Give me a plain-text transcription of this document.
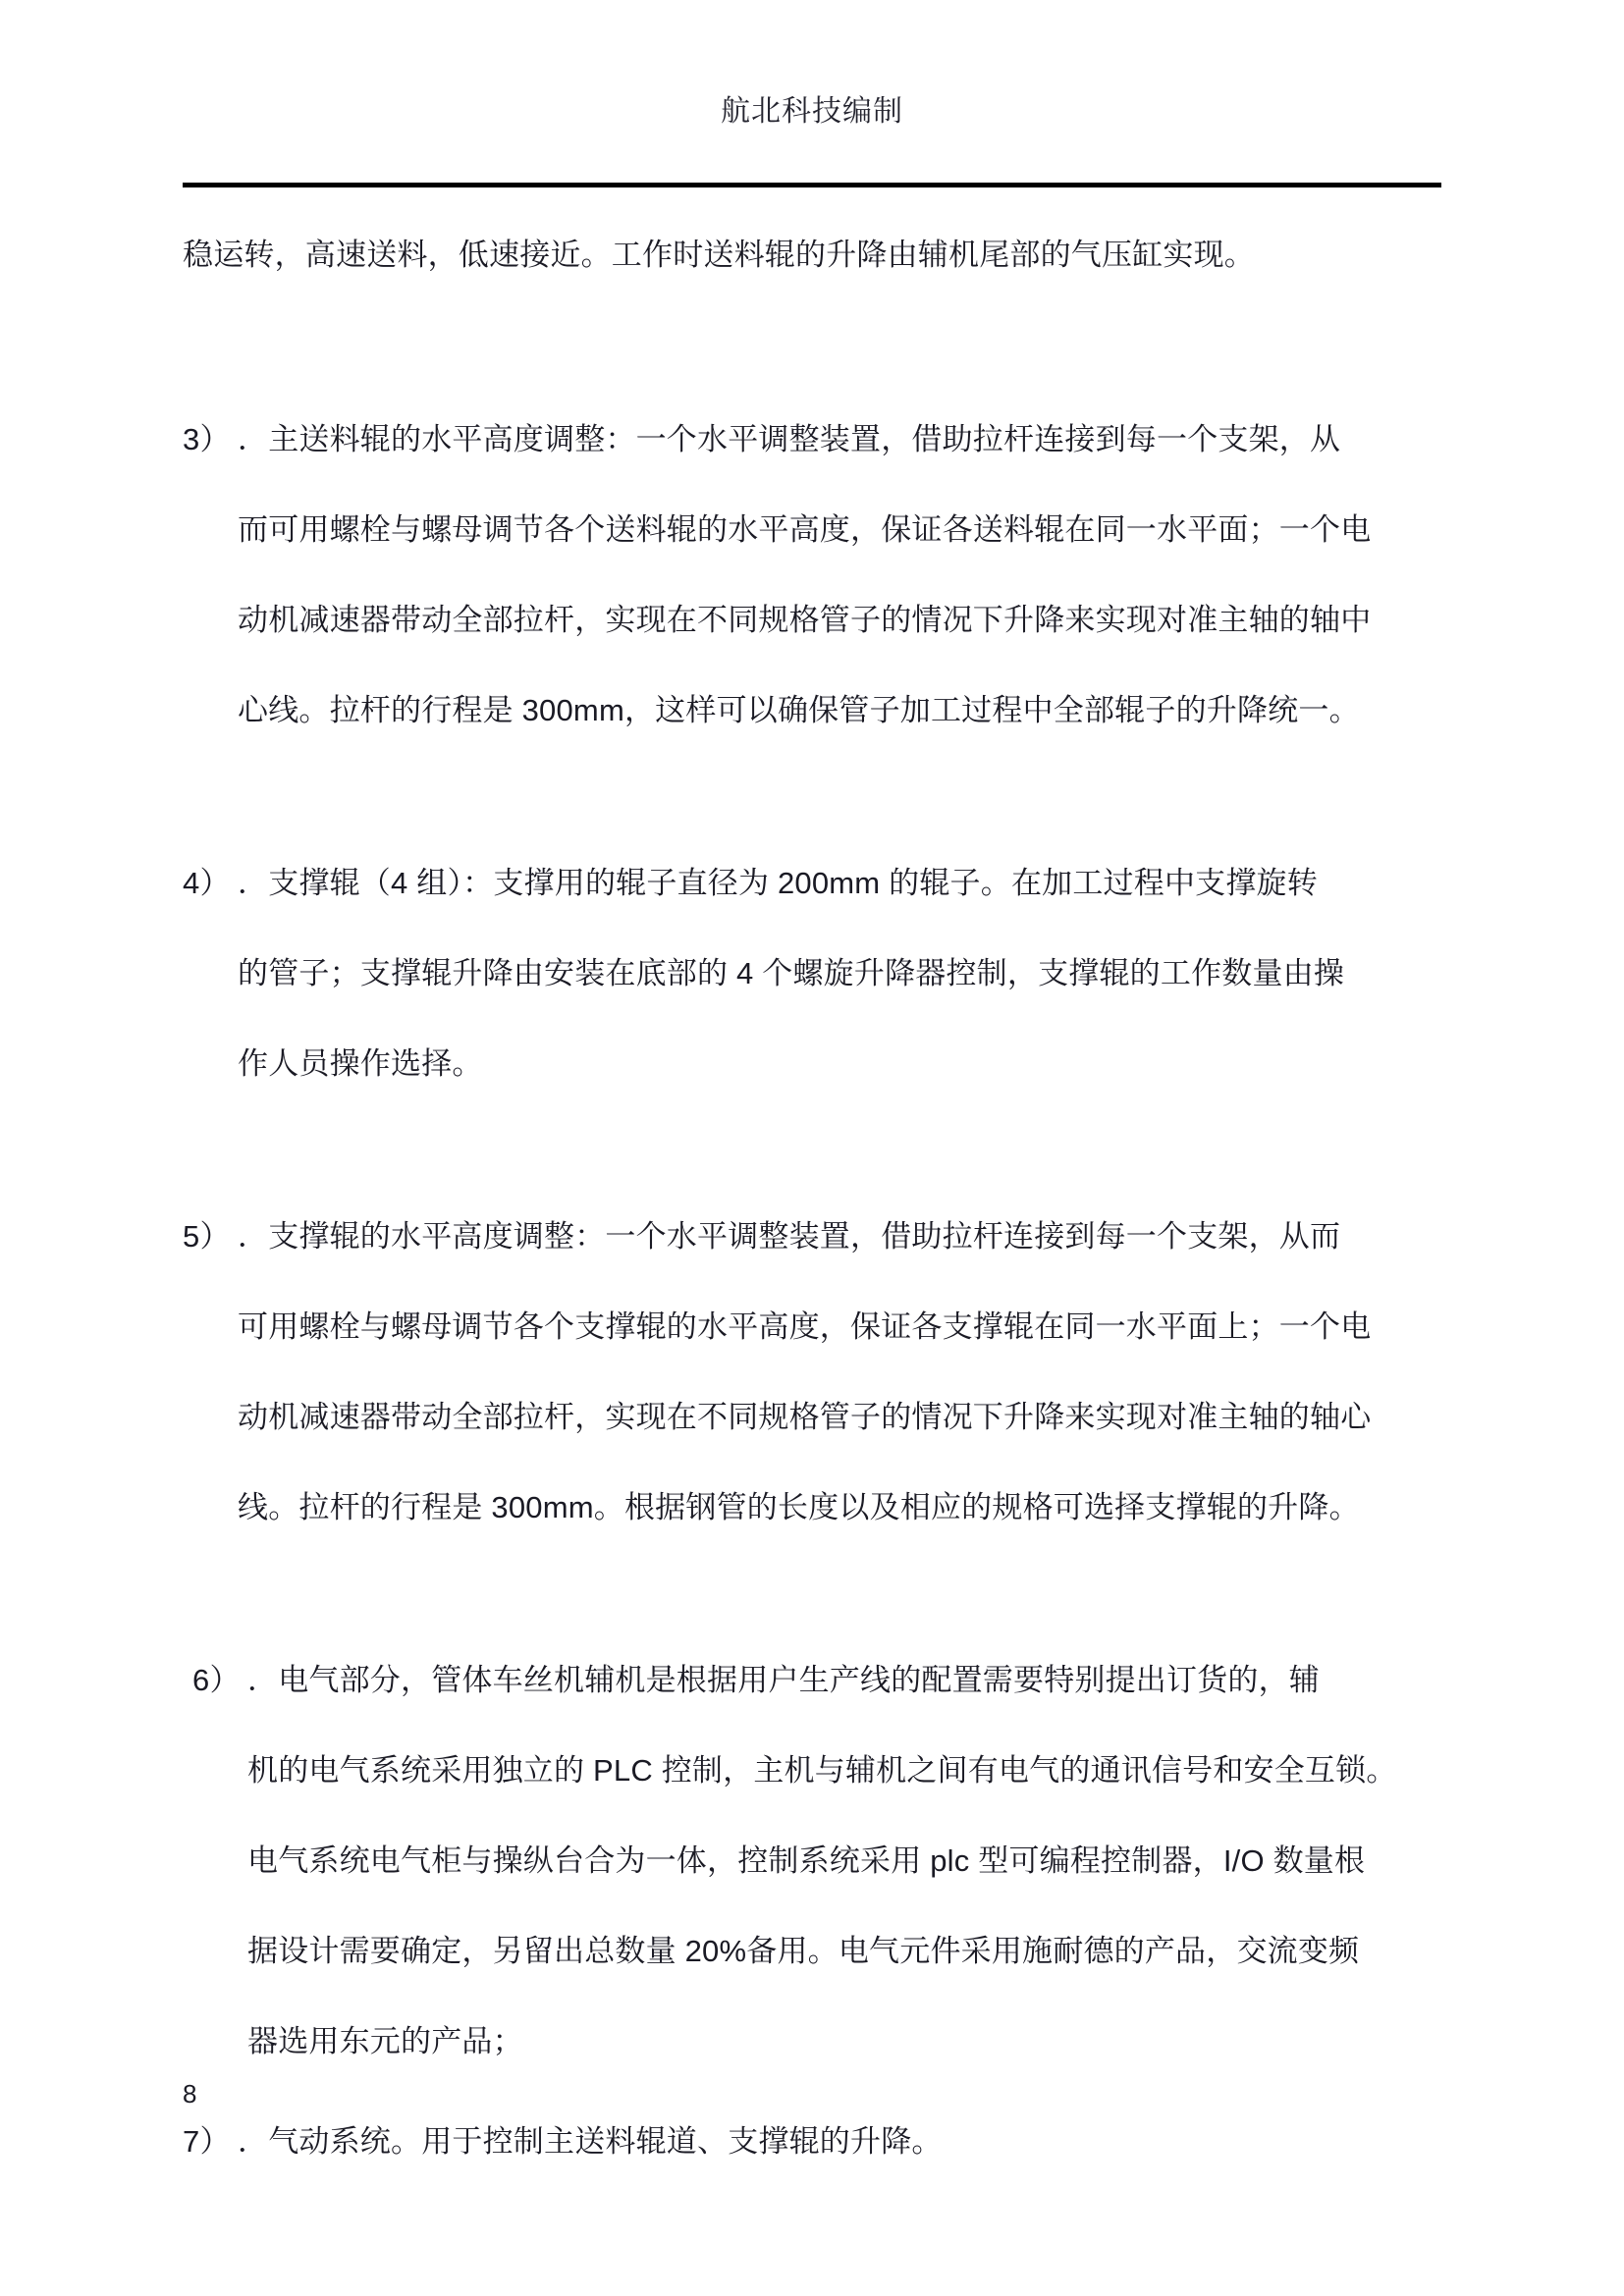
航北科技编制

稳运转，高速送料，低速接近。工作时送料辊的升降由辅机尾部的气压缸实现。

3） ．主送料辊的水平高度调整：一个水平调整装置，借助拉杆连接到每一个支架，从
而可用螺栓与螺母调节各个送料辊的水平高度，保证各送料辊在同一水平面；一个电
动机减速器带动全部拉杆，实现在不同规格管子的情况下升降来实现对准主轴的轴中
心线。拉杆的行程是 300mm，这样可以确保管子加工过程中全部辊子的升降统一。

4） ．支撑辊（4 组）：支撑用的辊子直径为 200mm 的辊子。在加工过程中支撑旋转
的管子；支撑辊升降由安装在底部的 4 个螺旋升降器控制，支撑辊的工作数量由操
作人员操作选择。

5） ．支撑辊的水平高度调整：一个水平调整装置，借助拉杆连接到每一个支架，从而
可用螺栓与螺母调节各个支撑辊的水平高度，保证各支撑辊在同一水平面上；一个电
动机减速器带动全部拉杆，实现在不同规格管子的情况下升降来实现对准主轴的轴心
线。拉杆的行程是 300mm。根据钢管的长度以及相应的规格可选择支撑辊的升降。

6） ．电气部分，管体车丝机辅机是根据用户生产线的配置需要特别提出订货的，辅
机的电气系统采用独立的 PLC 控制，主机与辅机之间有电气的通讯信号和安全互锁。
电气系统电气柜与操纵台合为一体，控制系统采用 plc 型可编程控制器，I/O 数量根
据设计需要确定，另留出总数量 20%备用。电气元件采用施耐德的产品，交流变频
器选用东元的产品；

7） ．气动系统。用于控制主送料辊道、支撑辊的升降。

8
